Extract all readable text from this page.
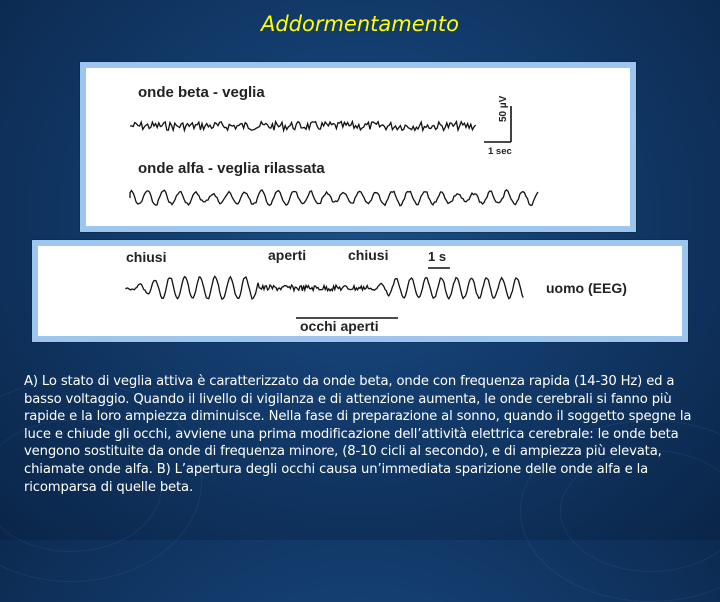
Addormentamento
onde beta - veglia
onde alfa - veglia rilassata
50 µV
1 sec
chiusi	aperti	chiusi	1 s
uomo (EEG)
occhi aperti
A) Lo stato di veglia attiva è caratterizzato da onde beta, onde con frequenza rapida (14-30 Hz) ed a basso voltaggio. Quando il livello di vigilanza e di attenzione aumenta, le onde cerebrali si fanno più rapide e la loro ampiezza diminuisce. Nella fase di preparazione al sonno, quando il soggetto spegne la luce e chiude gli occhi, avviene una prima modificazione dell’attività elettrica cerebrale: le onde beta vengono sostituite da onde di frequenza minore, (8-10 cicli al secondo), e di ampiezza più elevata, chiamate onde alfa. B) L’apertura degli occhi causa un’immediata sparizione delle onde alfa e la ricomparsa di quelle beta.
